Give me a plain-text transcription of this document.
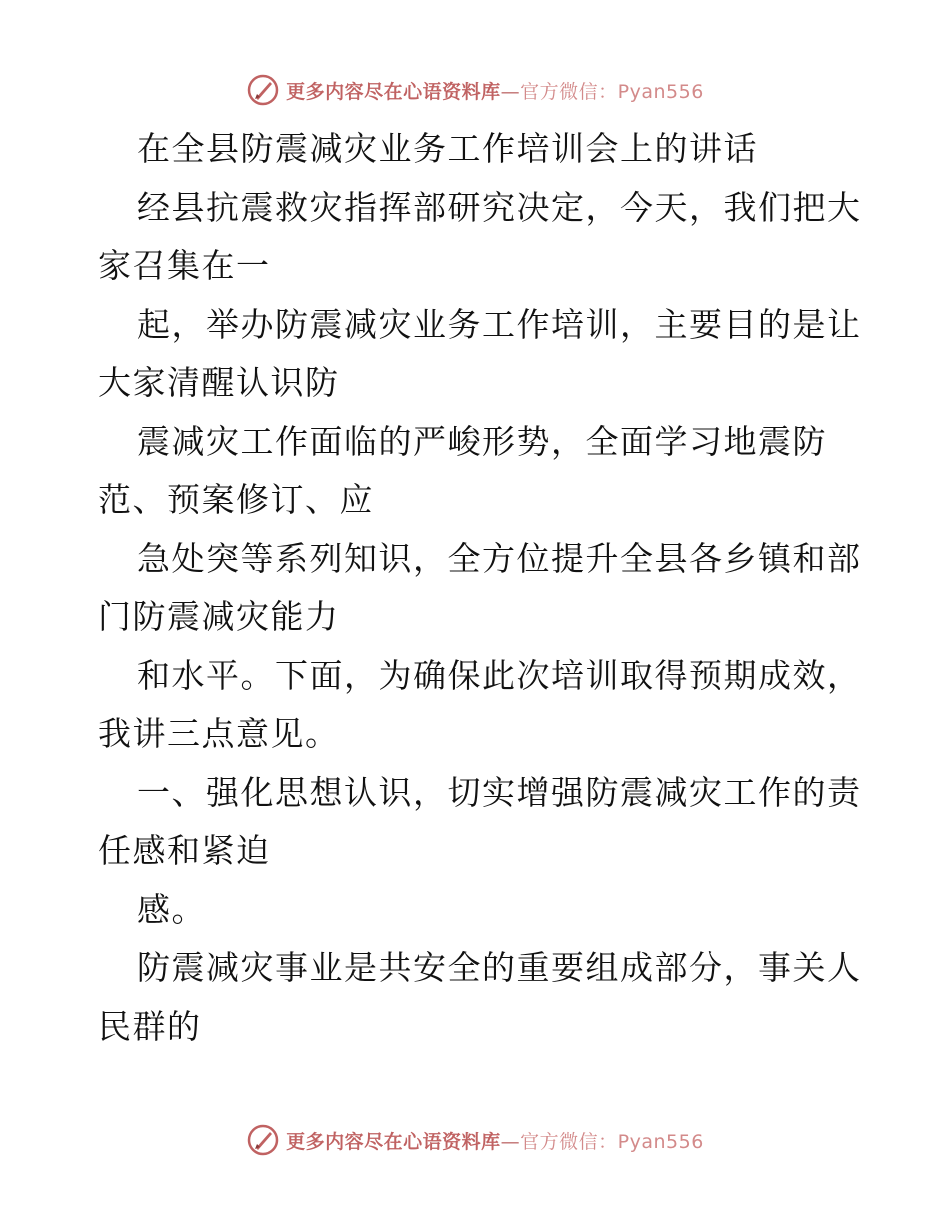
更多内容尽在心语资料库—官方微信：Pyan556
在全县防震减灾业务工作培训会上的讲话
经县抗震救灾指挥部研究决定，今天，我们把大
家召集在一
起，举办防震减灾业务工作培训，主要目的是让
大家清醒认识防
震减灾工作面临的严峻形势，全面学习地震防
范、预案修订、应
急处突等系列知识，全方位提升全县各乡镇和部
门防震减灾能力
和水平。下面，为确保此次培训取得预期成效，
我讲三点意见。
一、强化思想认识，切实增强防震减灾工作的责
任感和紧迫
感。
防震减灾事业是共安全的重要组成部分，事关人
民群的
更多内容尽在心语资料库—官方微信：Pyan556
